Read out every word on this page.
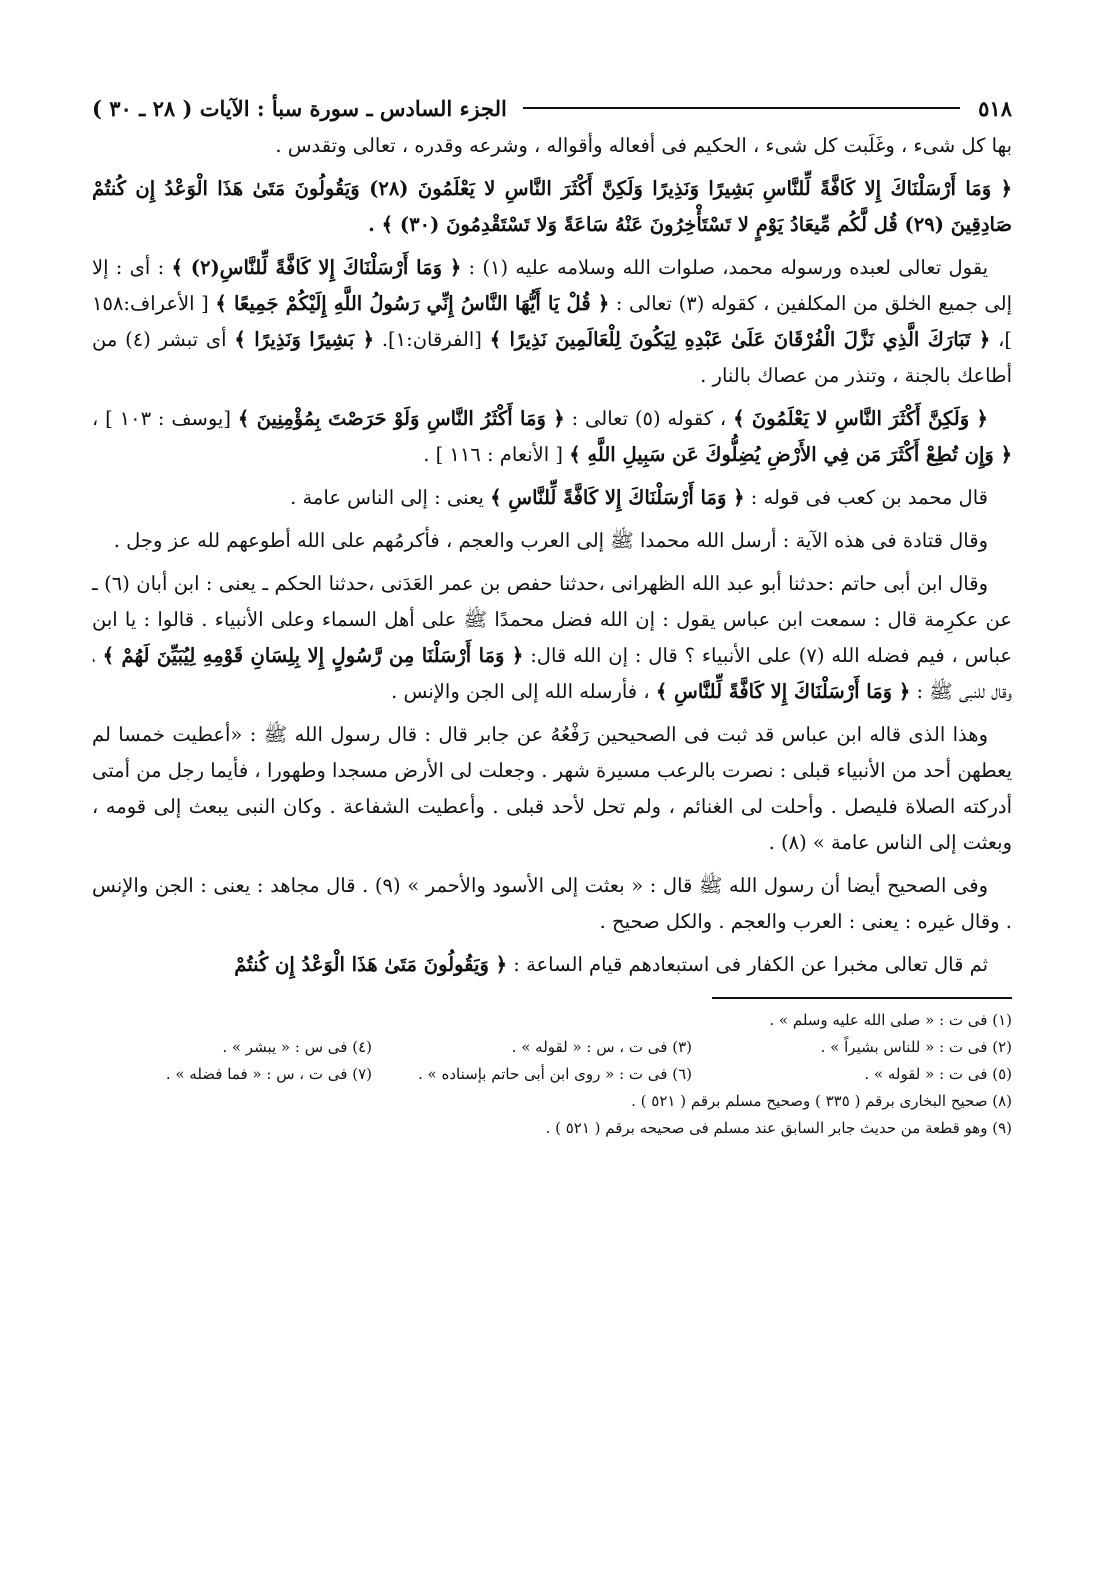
٥١٨
الجزء السادس ـ سورة سبأ : الآيات ( ٢٨ ـ ٣٠ )

بها كل شىء ، وغَلَبت كل شىء ، الحكيم فى أفعاله وأقواله ، وشرعه وقدره ، تعالى وتقدس .

﴿ وَمَا أَرْسَلْنَاكَ إِلا كَافَّةً لِّلنَّاسِ بَشِيرًا وَنَذِيرًا وَلَكِنَّ أَكْثَرَ النَّاسِ لا يَعْلَمُونَ (٢٨) وَيَقُولُونَ مَتَىٰ هَذَا الْوَعْدُ إِن كُنتُمْ صَادِقِينَ (٢٩) قُل لَّكُم مِّيعَادُ يَوْمٍ لا تَسْتَأْخِرُونَ عَنْهُ سَاعَةً وَلا تَسْتَقْدِمُونَ (٣٠) ﴾ .

يقول تعالى لعبده ورسوله محمد، صلوات الله وسلامه عليه (١) : ﴿ وَمَا أَرْسَلْنَاكَ إِلا كَافَّةً لِّلنَّاسِ(٢) ﴾ : أى : إلا إلى جميع الخلق من المكلفين ، كقوله (٣) تعالى : ﴿ قُلْ يَا أَيُّهَا النَّاسُ إِنِّي رَسُولُ اللَّهِ إِلَيْكُمْ جَمِيعًا ﴾ [ الأعراف:١٥٨ ]، ﴿ تَبَارَكَ الَّذِي نَزَّلَ الْفُرْقَانَ عَلَىٰ عَبْدِهِ لِيَكُونَ لِلْعَالَمِينَ نَذِيرًا ﴾ [الفرقان:١]. ﴿ بَشِيرًا وَنَذِيرًا ﴾ أى تبشر (٤) من أطاعك بالجنة ، وتنذر من عصاك بالنار .

﴿ وَلَكِنَّ أَكْثَرَ النَّاسِ لا يَعْلَمُونَ ﴾ ، كقوله (٥) تعالى : ﴿ وَمَا أَكْثَرُ النَّاسِ وَلَوْ حَرَصْتَ بِمُؤْمِنِينَ ﴾ [يوسف : ١٠٣ ] ، ﴿ وَإِن تُطِعْ أَكْثَرَ مَن فِي الأَرْضِ يُضِلُّوكَ عَن سَبِيلِ اللَّهِ ﴾ [ الأنعام : ١١٦ ] .

قال محمد بن كعب فى قوله : ﴿ وَمَا أَرْسَلْنَاكَ إِلا كَافَّةً لِّلنَّاسِ ﴾ يعنى : إلى الناس عامة .

وقال قتادة فى هذه الآية : أرسل الله محمدا ﷺ إلى العرب والعجم ، فأكرمُهم على الله أطوعهم لله عز وجل .

وقال ابن أبى حاتم :حدثنا أبو عبد الله الظهرانى ،حدثنا حفص بن عمر العَدَنى ،حدثنا الحكم ـ يعنى : ابن أبان (٦) ـ عن عكرِمة قال : سمعت ابن عباس يقول : إن الله فضل محمدًا ﷺ على أهل السماء وعلى الأنبياء . قالوا : يا ابن عباس ، فيم فضله الله (٧) على الأنبياء ؟ قال : إن الله قال: ﴿ وَمَا أَرْسَلْنَا مِن رَّسُولٍ إِلا بِلِسَانِ قَوْمِهِ لِيُبَيِّنَ لَهُمْ ﴾ ، وقال للنبى ﷺ : ﴿ وَمَا أَرْسَلْنَاكَ إِلا كَافَّةً لِّلنَّاسِ ﴾ ، فأرسله الله إلى الجن والإنس .

وهذا الذى قاله ابن عباس قد ثبت فى الصحيحين رَفْعُهُ عن جابر قال : قال رسول الله ﷺ : «أعطيت خمسا لم يعطهن أحد من الأنبياء قبلى : نصرت بالرعب مسيرة شهر . وجعلت لى الأرض مسجدا وطهورا ، فأيما رجل من أمتى أدركته الصلاة فليصل . وأحلت لى الغنائم ، ولم تحل لأحد قبلى . وأعطيت الشفاعة . وكان النبى يبعث إلى قومه ، وبعثت إلى الناس عامة » (٨) .

وفى الصحيح أيضا أن رسول الله ﷺ قال : « بعثت إلى الأسود والأحمر » (٩) . قال مجاهد : يعنى : الجن والإنس . وقال غيره : يعنى : العرب والعجم . والكل صحيح .

ثم قال تعالى مخبرا عن الكفار فى استبعادهم قيام الساعة : ﴿ وَيَقُولُونَ مَتَىٰ هَذَا الْوَعْدُ إِن كُنتُمْ

(١) فى ت : « صلى الله عليه وسلم » .
(٢) فى ت : « للناس بشيراً » .
(٣) فى ت ، س : « لقوله » .
(٤) فى س : « يبشر » .
(٥) فى ت : « لقوله » .
(٦) فى ت : « روى ابن أبى حاتم بإسناده » .
(٧) فى ت ، س : « فما فضله » .
(٨) صحيح البخارى برقم ( ٣٣٥ ) وصحيح مسلم برقم ( ٥٢١ ) .
(٩) وهو قطعة من حديث جابر السابق عند مسلم فى صحيحه برقم ( ٥٢١ ) .
